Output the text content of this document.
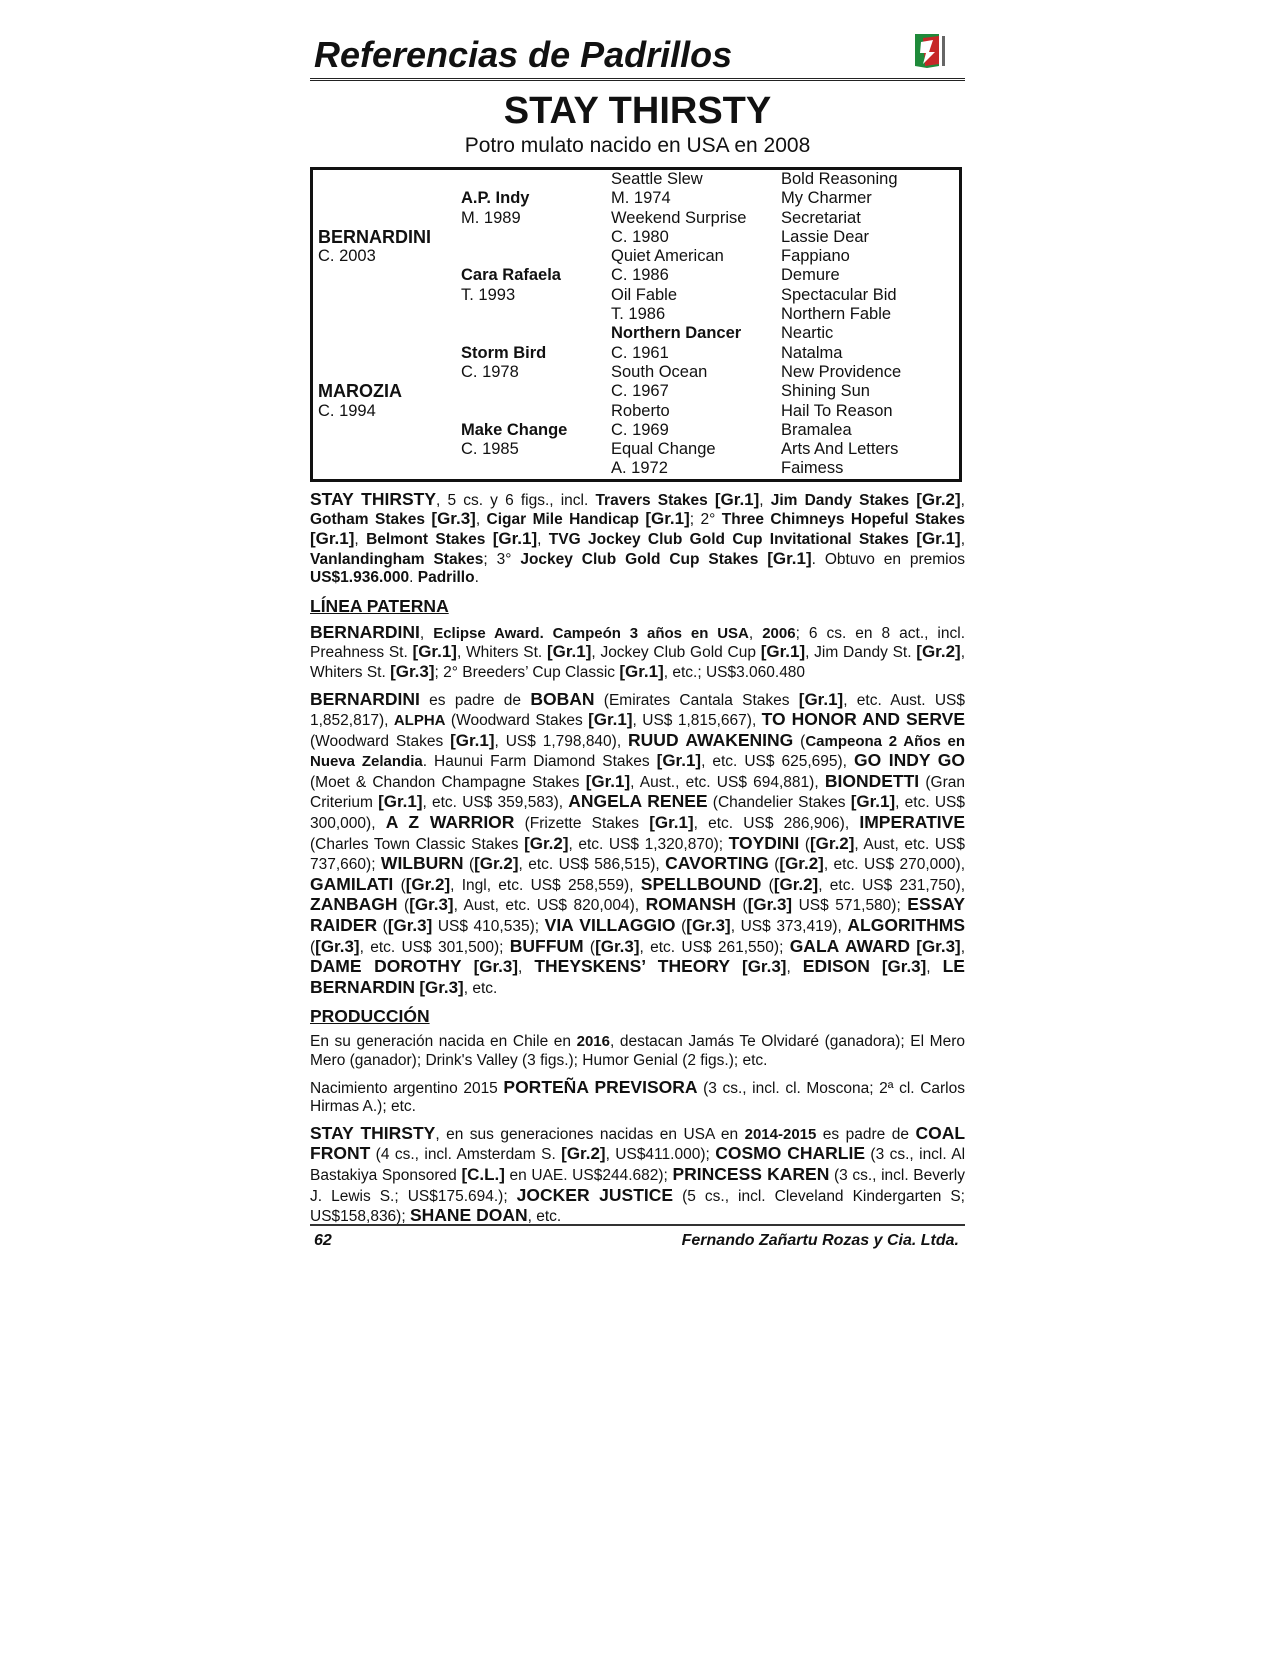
Referencias de Padrillos
STAY THIRSTY

Potro mulato nacido en USA en 2008

		Seattle Slew	Bold Reasoning
	A.P. Indy	M. 1974	My Charmer
	M. 1989	Weekend Surprise	Secretariat
BERNARDINI		C. 1980	Lassie Dear
C. 2003		Quiet American	Fappiano
	Cara Rafaela	C. 1986	Demure
	T. 1993	Oil Fable	Spectacular Bid
		T. 1986	Northern Fable
		Northern Dancer	Neartic
	Storm Bird	C. 1961	Natalma
	C. 1978	South Ocean	New Providence
MAROZIA		C. 1967	Shining Sun
C. 1994		Roberto	Hail To Reason
	Make Change	C. 1969	Bramalea
	C. 1985	Equal Change	Arts And Letters
		A. 1972	Faimess

STAY THIRSTY, 5 cs. y 6 figs., incl. Travers Stakes [Gr.1], Jim Dandy Stakes [Gr.2], Gotham Stakes [Gr.3], Cigar Mile Handicap [Gr.1]; 2° Three Chimneys Hopeful Stakes [Gr.1], Belmont Stakes [Gr.1], TVG Jockey Club Gold Cup Invitational Stakes [Gr.1], Vanlandingham Stakes; 3° Jockey Club Gold Cup Stakes [Gr.1]. Obtuvo en premios US$1.936.000. Padrillo.

LÍNEA PATERNA

BERNARDINI, Eclipse Award. Campeón 3 años en USA, 2006; 6 cs. en 8 act., incl. Preahness St. [Gr.1], Whiters St. [Gr.1], Jockey Club Gold Cup [Gr.1], Jim Dandy St. [Gr.2], Whiters St. [Gr.3]; 2° Breeders’ Cup Classic [Gr.1], etc.; US$3.060.480

BERNARDINI es padre de BOBAN (Emirates Cantala Stakes [Gr.1], etc. Aust. US$ 1,852,817), ALPHA (Woodward Stakes [Gr.1], US$ 1,815,667), TO HONOR AND SERVE (Woodward Stakes [Gr.1], US$ 1,798,840), RUUD AWAKENING (Campeona 2 Años en Nueva Zelandia. Haunui Farm Diamond Stakes [Gr.1], etc. US$ 625,695), GO INDY GO (Moet & Chandon Champagne Stakes [Gr.1], Aust., etc. US$ 694,881), BIONDETTI (Gran Criterium [Gr.1], etc. US$ 359,583), ANGELA RENEE (Chandelier Stakes [Gr.1], etc. US$ 300,000), A Z WARRIOR (Frizette Stakes [Gr.1], etc. US$ 286,906), IMPERATIVE (Charles Town Classic Stakes [Gr.2], etc. US$ 1,320,870); TOYDINI ([Gr.2], Aust, etc. US$ 737,660); WILBURN ([Gr.2], etc. US$ 586,515), CAVORTING ([Gr.2], etc. US$ 270,000), GAMILATI ([Gr.2], Ingl, etc. US$ 258,559), SPELLBOUND ([Gr.2], etc. US$ 231,750), ZANBAGH ([Gr.3], Aust, etc. US$ 820,004), ROMANSH ([Gr.3] US$ 571,580); ESSAY RAIDER ([Gr.3] US$ 410,535); VIA VILLAGGIO ([Gr.3], US$ 373,419), ALGORITHMS ([Gr.3], etc. US$ 301,500); BUFFUM ([Gr.3], etc. US$ 261,550); GALA AWARD [Gr.3], DAME DOROTHY [Gr.3], THEYSKENS’ THEORY [Gr.3], EDISON [Gr.3], LE BERNARDIN [Gr.3], etc.

PRODUCCIÓN

En su generación nacida en Chile en 2016, destacan Jamás Te Olvidaré (ganadora); El Mero Mero (ganador); Drink's Valley (3 figs.); Humor Genial (2 figs.); etc.

Nacimiento argentino 2015 PORTEÑA PREVISORA (3 cs., incl. cl. Moscona; 2ª cl. Carlos Hirmas A.); etc.

STAY THIRSTY, en sus generaciones nacidas en USA en 2014-2015 es padre de COAL FRONT (4 cs., incl. Amsterdam S. [Gr.2], US$411.000); COSMO CHARLIE (3 cs., incl. Al Bastakiya Sponsored [C.L.] en UAE. US$244.682); PRINCESS KAREN (3 cs., incl. Beverly J. Lewis S.; US$175.694.); JOCKER JUSTICE (5 cs., incl. Cleveland Kindergarten S; US$158,836); SHANE DOAN, etc.

62	Fernando Zañartu Rozas y Cia. Ltda.
